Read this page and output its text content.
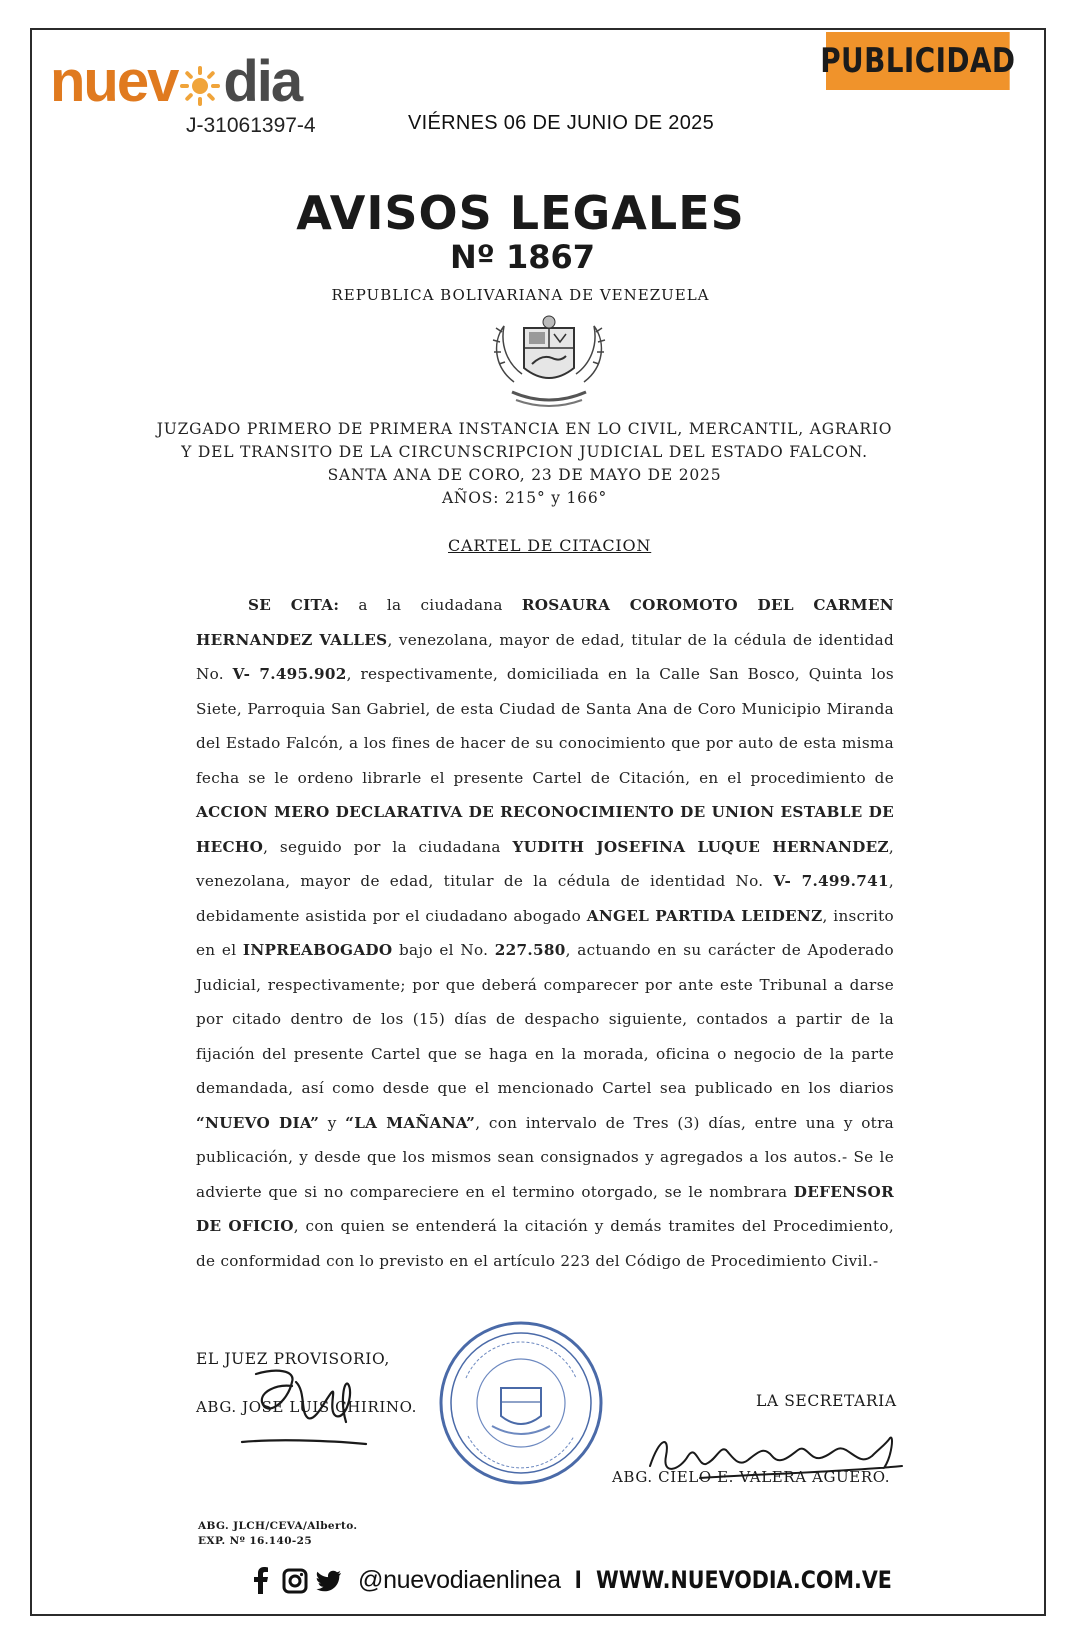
nuev dia
J-31061397-4	VIÉRNES 06 DE JUNIO DE 2025
PUBLICIDAD
AVISOS LEGALES
Nº 1867
REPUBLICA BOLIVARIANA DE VENEZUELA
JUZGADO PRIMERO DE PRIMERA INSTANCIA EN LO CIVIL, MERCANTIL, AGRARIO
Y DEL TRANSITO DE LA CIRCUNSCRIPCION JUDICIAL DEL ESTADO FALCON.
SANTA ANA DE CORO, 23 DE MAYO DE 2025
AÑOS: 215° y 166°
CARTEL DE CITACION
SE CITA: a la ciudadana ROSAURA COROMOTO DEL CARMEN HERNANDEZ VALLES, venezolana, mayor de edad, titular de la cédula de identidad No. V- 7.495.902, respectivamente, domiciliada en la Calle San Bosco, Quinta los Siete, Parroquia San Gabriel, de esta Ciudad de Santa Ana de Coro Municipio Miranda del Estado Falcón, a los fines de hacer de su conocimiento que por auto de esta misma fecha se le ordeno librarle el presente Cartel de Citación, en el procedimiento de ACCION MERO DECLARATIVA DE RECONOCIMIENTO DE UNION ESTABLE DE HECHO, seguido por la ciudadana YUDITH JOSEFINA LUQUE HERNANDEZ, venezolana, mayor de edad, titular de la cédula de identidad No. V- 7.499.741, debidamente asistida por el ciudadano abogado ANGEL PARTIDA LEIDENZ, inscrito en el INPREABOGADO bajo el No. 227.580, actuando en su carácter de Apoderado Judicial, respectivamente; por que deberá comparecer por ante este Tribunal a darse por citado dentro de los (15) días de despacho siguiente, contados a partir de la fijación del presente Cartel que se haga en la morada, oficina o negocio de la parte demandada, así como desde que el mencionado Cartel sea publicado en los diarios “NUEVO DIA” y “LA MAÑANA”, con intervalo de Tres (3) días, entre una y otra publicación, y desde que los mismos sean consignados y agregados a los autos.- Se le advierte que si no compareciere en el termino otorgado, se le nombrara DEFENSOR DE OFICIO, con quien se entenderá la citación y demás tramites del Procedimiento, de conformidad con lo previsto en el artículo 223 del Código de Procedimiento Civil.-
EL JUEZ PROVISORIO,
ABG. JOSE LUIS CHIRINO.	LA SECRETARIA
ABG. CIELO E. VALERA AGUERO.
ABG. JLCH/CEVA/Alberto.
EXP. Nº 16.140-25
@nuevodiaenlinea I WWW.NUEVODIA.COM.VE
